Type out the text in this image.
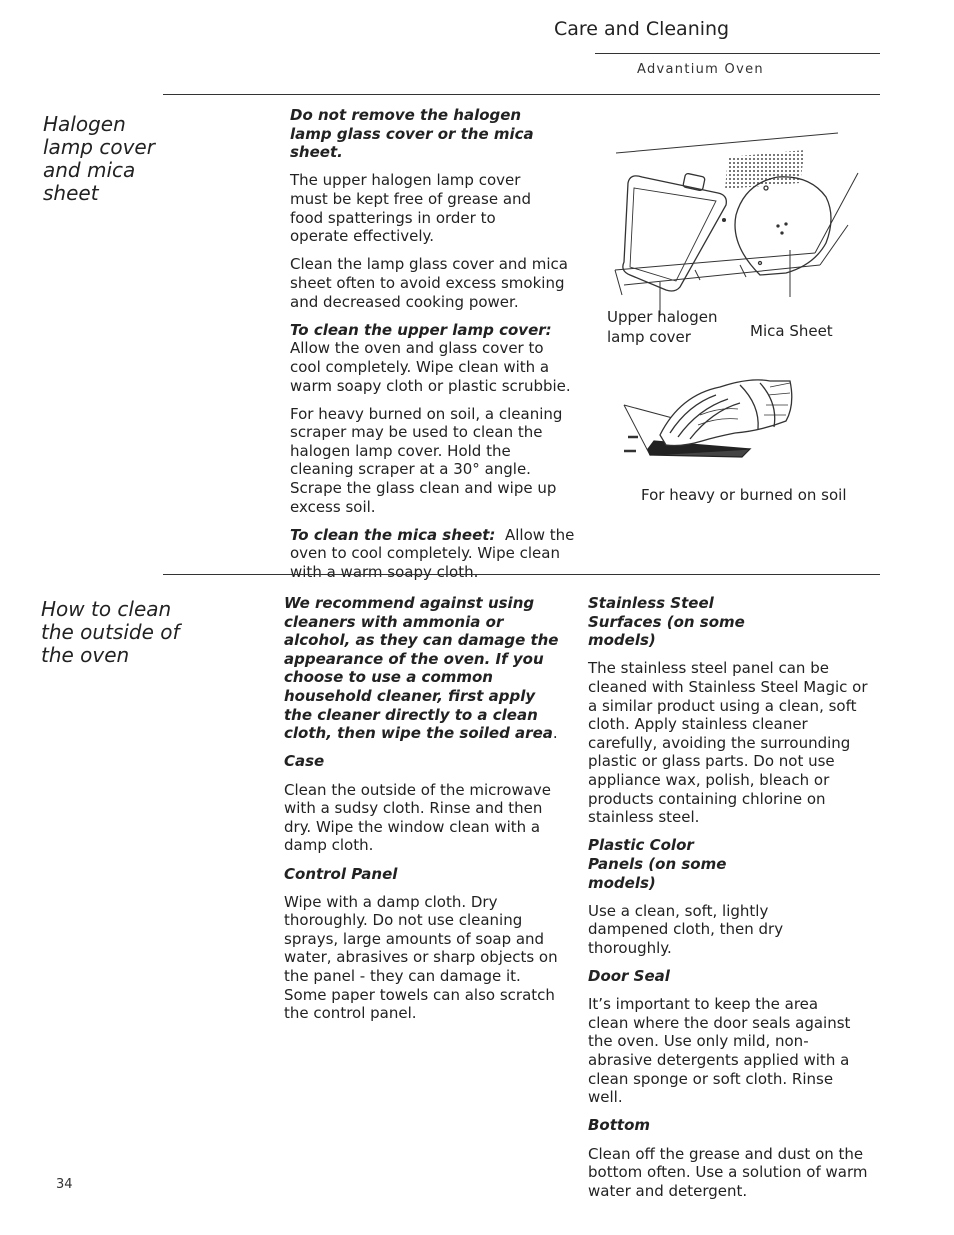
Care and Cleaning
Advantium Oven
Halogen lamp cover and mica sheet

Do not remove the halogen lamp glass cover or the mica sheet.

The upper halogen lamp cover must be kept free of grease and food spatterings in order to operate effectively.

Clean the lamp glass cover and mica sheet often to avoid excess smoking and decreased cooking power.

To clean the upper lamp cover:  Allow the oven and glass cover to cool completely. Wipe clean with a warm soapy cloth or plastic scrubbie.

For heavy burned on soil, a cleaning scraper may be used to clean the halogen lamp cover. Hold the cleaning scraper at a 30° angle. Scrape the glass clean and wipe up excess soil.

To clean the mica sheet: Allow the oven to cool completely. Wipe clean with a warm soapy cloth.

Upper halogen lamp cover	Mica Sheet
For heavy or burned on soil
How to clean the outside of the oven

We recommend against using cleaners with ammonia or alcohol, as they can damage the appearance of the oven. If you choose to use a common household cleaner, first apply the cleaner directly to a clean cloth, then wipe the soiled area.

Case

Clean the outside of the microwave with a sudsy cloth. Rinse and then dry. Wipe the window clean with a damp cloth.

Control Panel

Wipe with a damp cloth. Dry thoroughly. Do not use cleaning sprays, large amounts of soap and water, abrasives or sharp objects on the panel - they can damage it. Some paper towels can also scratch the control panel.

Stainless Steel Surfaces (on some models)

The stainless steel panel can be cleaned with Stainless Steel Magic or a similar product using a clean, soft cloth. Apply stainless cleaner carefully, avoiding the surrounding plastic or glass parts. Do not use appliance wax, polish, bleach or products containing chlorine on stainless steel.

Plastic Color Panels (on some models)

Use a clean, soft, lightly dampened cloth, then dry thoroughly.

Door Seal

It’s important to keep the area clean where the door seals against the oven. Use only mild, non-abrasive detergents applied with a clean sponge or soft cloth. Rinse well.

Bottom

Clean off the grease and dust on the bottom often. Use a solution of warm water and detergent.

34
